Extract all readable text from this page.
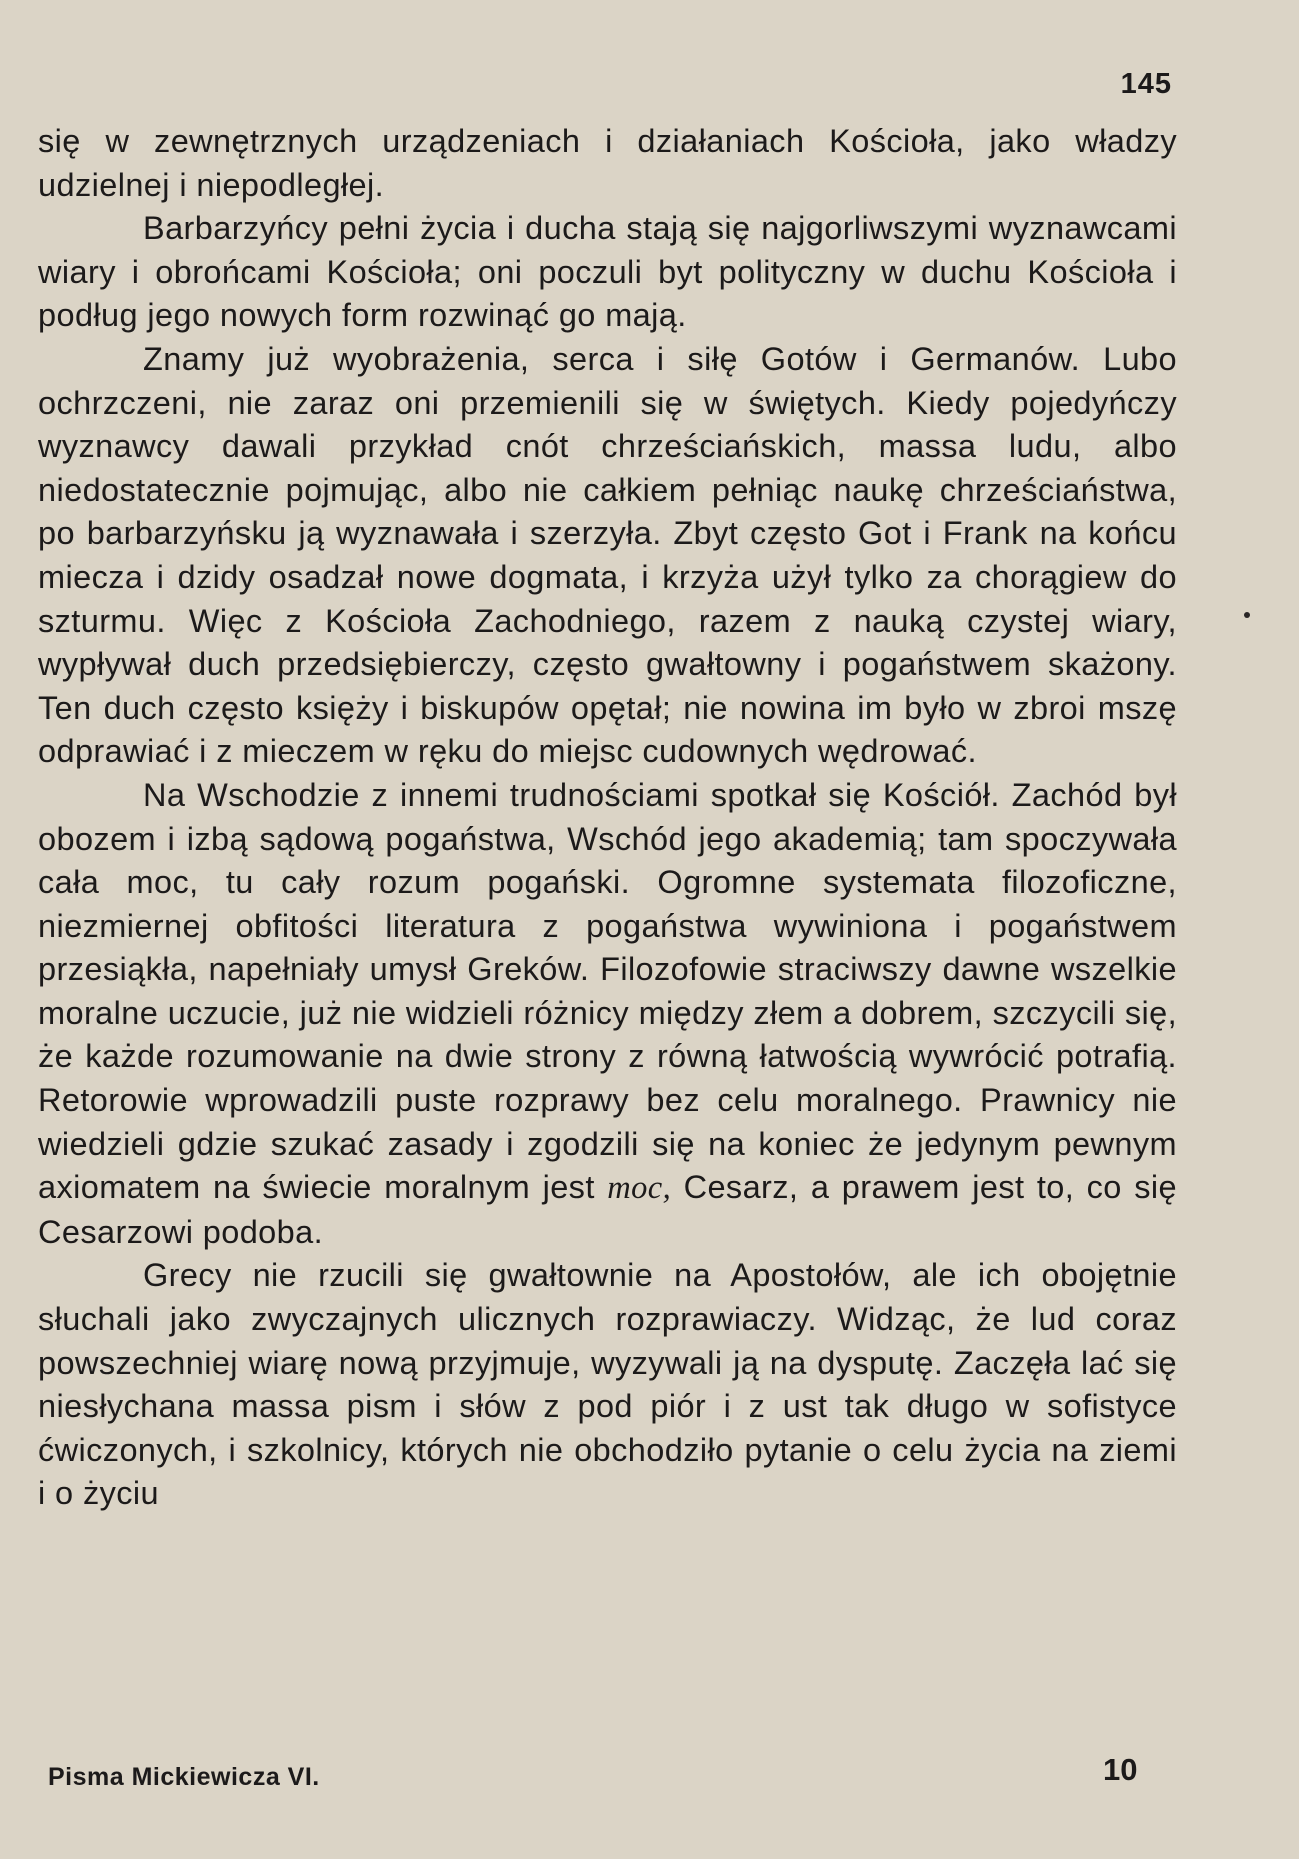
145

się w zewnętrznych urządzeniach i działaniach Kościoła, jako władzy udzielnej i niepodległej.

Barbarzyńcy pełni życia i ducha stają się najgorliwszymi wyznawcami wiary i obrońcami Kościoła; oni poczuli byt polityczny w duchu Kościoła i podług jego nowych form rozwinąć go mają.

Znamy już wyobrażenia, serca i siłę Gotów i Germanów. Lubo ochrzczeni, nie zaraz oni przemienili się w świętych. Kiedy pojedyńczy wyznawcy dawali przykład cnót chrześciańskich, massa ludu, albo niedostatecznie pojmując, albo nie całkiem pełniąc naukę chrześciaństwa, po barbarzyńsku ją wyznawała i szerzyła. Zbyt często Got i Frank na końcu miecza i dzidy osadzał nowe dogmata, i krzyża użył tylko za chorągiew do szturmu. Więc z Kościoła Zachodniego, razem z nauką czystej wiary, wypływał duch przedsiębierczy, często gwałtowny i pogaństwem skażony. Ten duch często księży i biskupów opętał; nie nowina im było w zbroi mszę odprawiać i z mieczem w ręku do miejsc cudownych wędrować.

Na Wschodzie z innemi trudnościami spotkał się Kościół. Zachód był obozem i izbą sądową pogaństwa, Wschód jego akademią; tam spoczywała cała moc, tu cały rozum pogański. Ogromne systemata filozoficzne, niezmiernej obfitości literatura z pogaństwa wywiniona i pogaństwem przesiąkła, napełniały umysł Greków. Filozofowie straciwszy dawne wszelkie moralne uczucie, już nie widzieli różnicy między złem a dobrem, szczycili się, że każde rozumowanie na dwie strony z równą łatwością wywrócić potrafią. Retorowie wprowadzili puste rozprawy bez celu moralnego. Prawnicy nie wiedzieli gdzie szukać zasady i zgodzili się na koniec że jedynym pewnym axiomatem na świecie moralnym jest moc, Cesarz, a prawem jest to, co się Cesarzowi podoba.

Grecy nie rzucili się gwałtownie na Apostołów, ale ich obojętnie słuchali jako zwyczajnych ulicznych rozprawiaczy. Widząc, że lud coraz powszechniej wiarę nową przyjmuje, wyzywali ją na dysputę. Zaczęła lać się niesłychana massa pism i słów z pod piór i z ust tak długo w sofistyce ćwiczonych, i szkolnicy, których nie obchodziło pytanie o celu życia na ziemi i o życiu

Pisma Mickiewicza VI.	10
